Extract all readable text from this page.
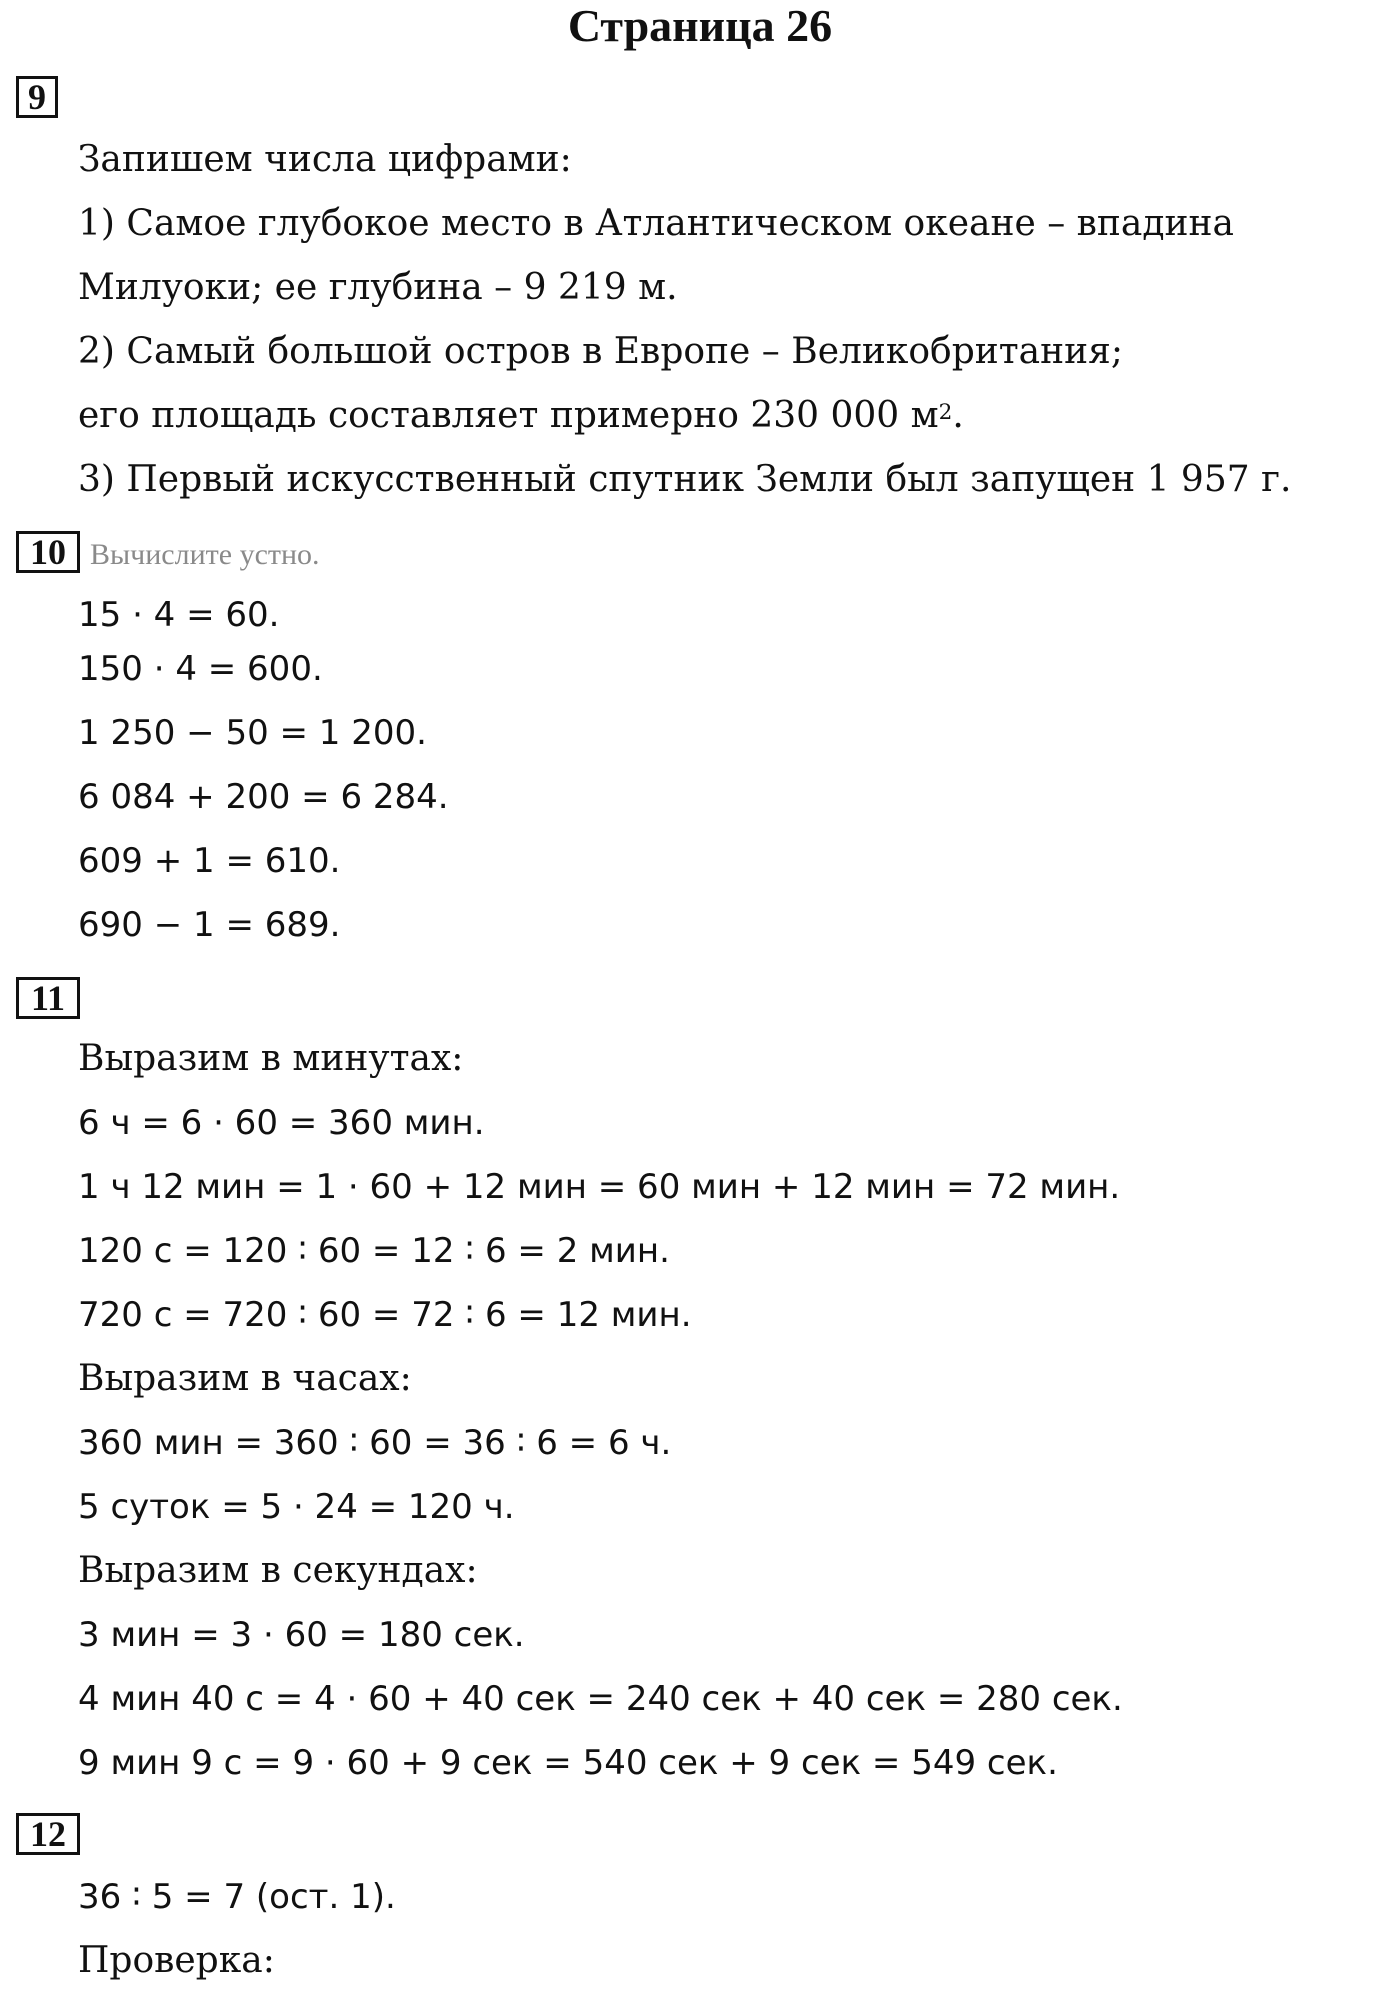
Страница 26
9
Запишем числа цифрами:
1) Самое глубокое место в Атлантическом океане – впадина
Милуоки; ее глубина – 9 219 м.
2) Самый большой остров в Европе – Великобритания;
его площадь составляет примерно 230 000 $м^2$.
3) Первый искусственный спутник Земли был запущен 1 957 г.
10 Вычислите устно.
15 · 4 = 60.
150 · 4 = 600.
1 250 − 50 = 1 200.
6 084 + 200 = 6 284.
609 + 1 = 610.
690 − 1 = 689.
11
Выразим в минутах:
6 ч = 6 · 60 = 360 мин.
1 ч 12 мин = 1 · 60 + 12 мин = 60 мин + 12 мин = 72 мин.
120 с = 120 ∶ 60 = 12 ∶ 6 = 2 мин.
720 с = 720 ∶ 60 = 72 ∶ 6 = 12 мин.
Выразим в часах:
360 мин = 360 ∶ 60 = 36 ∶ 6 = 6 ч.
5 суток = 5 · 24 = 120 ч.
Выразим в секундах:
3 мин = 3 · 60 = 180 сек.
4 мин 40 с = 4 · 60 + 40 сек = 240 сек + 40 сек = 280 сек.
9 мин 9 с = 9 · 60 + 9 сек = 540 сек + 9 сек = 549 сек.
12
36 ∶ 5 = 7 (ост. 1).
Проверка:
